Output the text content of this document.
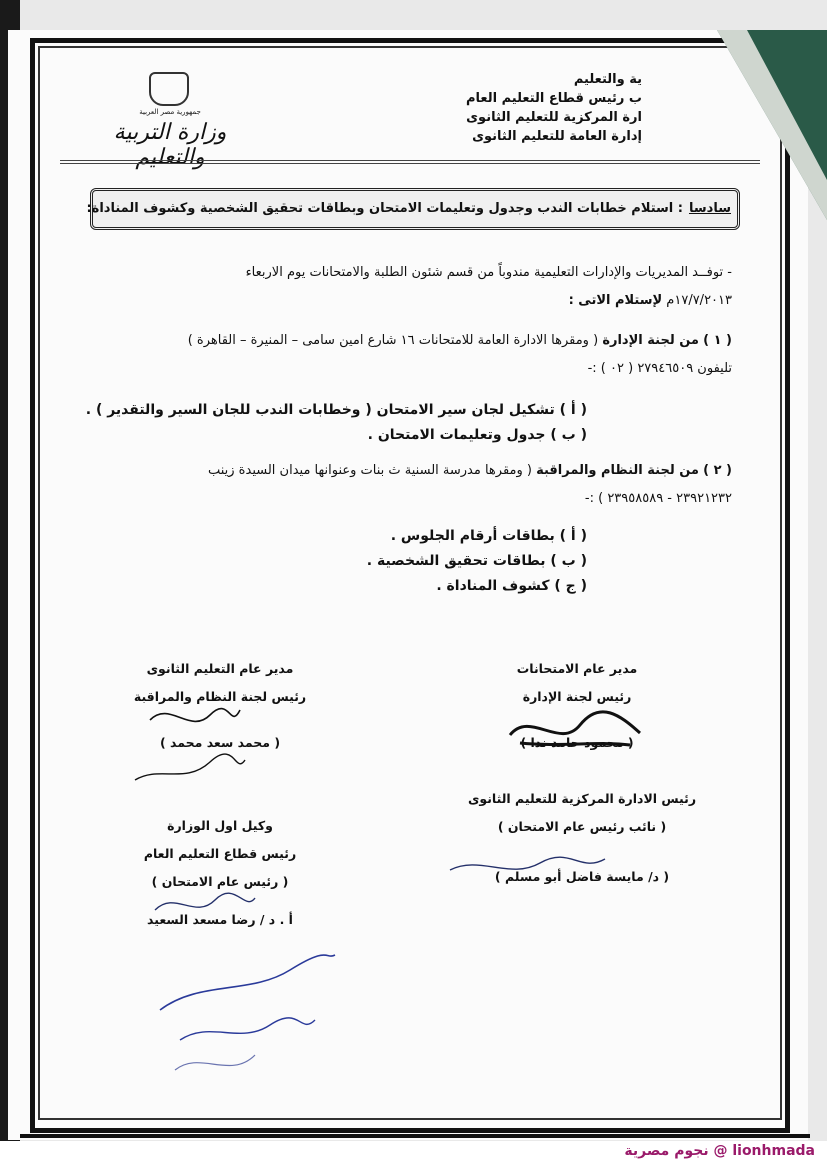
ية والتعليم
ب رئيس قطاع التعليم العام
ارة المركزية للتعليم الثانوى
إدارة العامة للتعليم الثانوى
جمهورية مصر العربية
وزارة التربية والتعليم
سادسا: استلام خطابات الندب وجدول وتعليمات الامتحان وبطاقات تحقيق الشخصية وكشوف المناداة:
- توفــد المديريات والإدارات التعليمية مندوباً من قسم شئون الطلبة والامتحانات يوم الاربعاء
١٧/٧/٢٠١٣م لإستلام الاتى :
( ١ ) من لجنة الإدارة ( ومقرها الادارة العامة للامتحانات ١٦ شارع امين سامى – المنيرة – القاهرة )
تليفون ٢٧٩٤٦٥٠٩ ( ٠٢ ) :-
( أ ) تشكيل لجان سير الامتحان ( وخطابات الندب للجان السير والتقدير ) .
( ب ) جدول وتعليمات الامتحان .
( ٢ ) من لجنة النظام والمراقبة ( ومقرها مدرسة السنية ث بنات وعنوانها ميدان السيدة زينب
٢٣٩٢١٢٣٢ - ٢٣٩٥٨٥٨٩ ) :-
( أ ) بطاقات أرقام الجلوس .
( ب ) بطاقات تحقيق الشخصية .
( ج ) كشوف المناداة .
مدير عام الامتحانات
رئيس لجنة الإدارة
( محمود حامد ندا )
مدير عام التعليم الثانوى
رئيس لجنة النظام والمراقبة
( محمد سعد محمد )
رئيس الادارة المركزية للتعليم الثانوى
( نائب رئيس عام الامتحان )
( د/ مايسة فاضل أبو مسلم )
وكيل اول الوزارة
رئيس قطاع التعليم العام
( رئيس عام الامتحان )
أ . د / رضا مسعد السعيد
نجوم مصرية @ lionhmada
